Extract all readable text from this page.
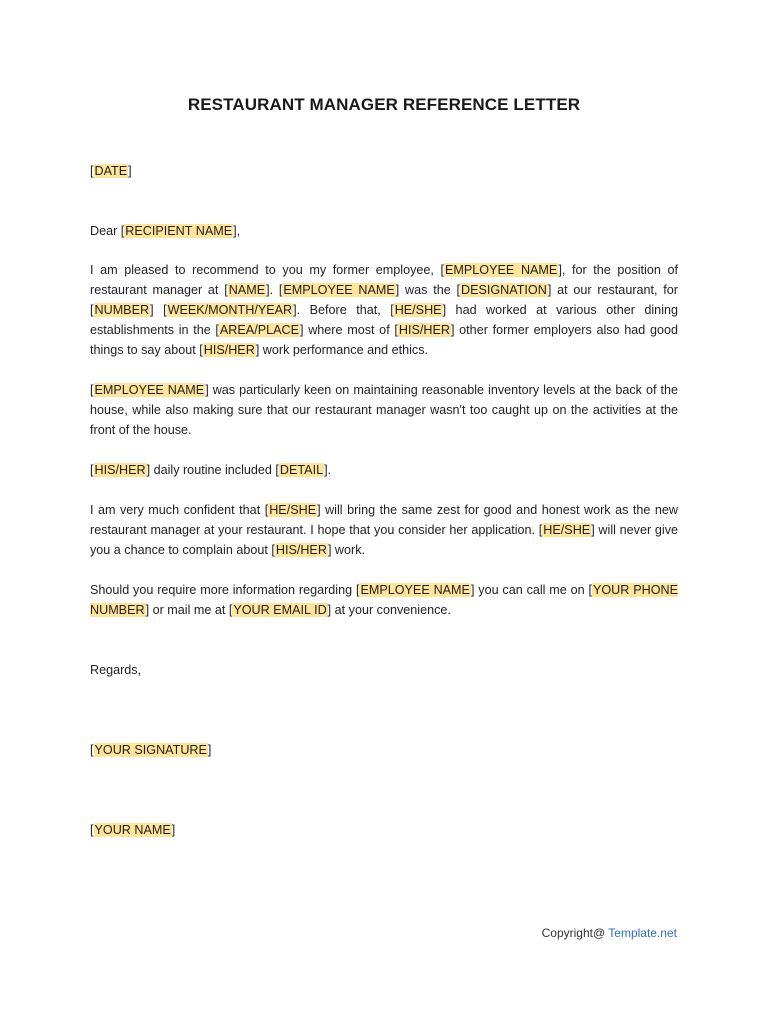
RESTAURANT MANAGER REFERENCE LETTER
[DATE]
Dear [RECIPIENT NAME],
I am pleased to recommend to you my former employee, [EMPLOYEE NAME], for the position of restaurant manager at [NAME]. [EMPLOYEE NAME] was the [DESIGNATION] at our restaurant, for [NUMBER] [WEEK/MONTH/YEAR]. Before that, [HE/SHE] had worked at various other dining establishments in the [AREA/PLACE] where most of [HIS/HER] other former employers also had good things to say about [HIS/HER] work performance and ethics.
[EMPLOYEE NAME] was particularly keen on maintaining reasonable inventory levels at the back of the house, while also making sure that our restaurant manager wasn't too caught up on the activities at the front of the house.
[HIS/HER] daily routine included [DETAIL].
I am very much confident that [HE/SHE] will bring the same zest for good and honest work as the new restaurant manager at your restaurant. I hope that you consider her application. [HE/SHE] will never give you a chance to complain about [HIS/HER] work.
Should you require more information regarding [EMPLOYEE NAME] you can call me on [YOUR PHONE NUMBER] or mail me at [YOUR EMAIL ID] at your convenience.
Regards,
[YOUR SIGNATURE]
[YOUR NAME]
Copyright@ Template.net
